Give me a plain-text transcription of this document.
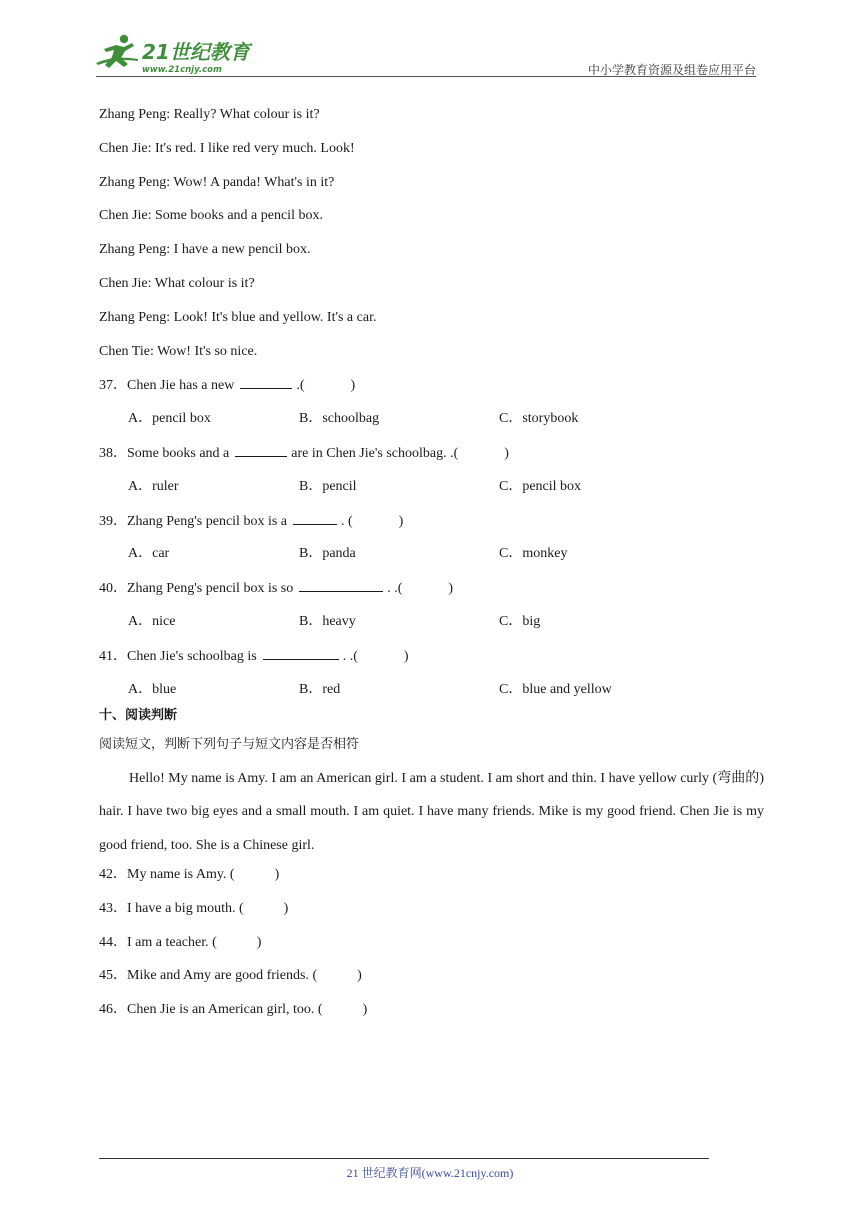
21世纪教育
www.21cnjy.com	中小学教育资源及组卷应用平台
Zhang Peng: Really? What colour is it?
Chen Jie: It's red. I like red very much. Look!
Zhang Peng: Wow! A panda! What's in it?
Chen Jie: Some books and a pencil box.
Zhang Peng: I have a new pencil box.
Chen Jie: What colour is it?
Zhang Peng: Look! It's blue and yellow. It's a car.
Chen Tie: Wow! It's so nice.
37．Chen Jie has a new	.(	)
A．pencil box	B．schoolbag	C．storybook
38．Some books and a	are in Chen Jie's schoolbag. .(	)
A．ruler	B．pencil	C．pencil box
39．Zhang Peng's pencil box is a	. (	)
A．car	B．panda	C．monkey
40．Zhang Peng's pencil box is so	. .(	)
A．nice	B．heavy	C．big
41．Chen Jie's schoolbag is	. .(	)
A．blue	B．red	C．blue and yellow
十、阅读判断
阅读短文，判断下列句子与短文内容是否相符
Hello! My name is Amy. I am an American girl. I am a student. I am short and thin. I have yellow curly (弯曲的) hair. I have two big eyes and a small mouth. I am quiet. I have many friends. Mike is my good friend. Chen Jie is my good friend, too. She is a Chinese girl.
42．My name is Amy. (	)
43．I have a big mouth. (	)
44．I am a teacher. (	)
45．Mike and Amy are good friends. (	)
46．Chen Jie is an American girl, too. (	)
21 世纪教育网(www.21cnjy.com)
